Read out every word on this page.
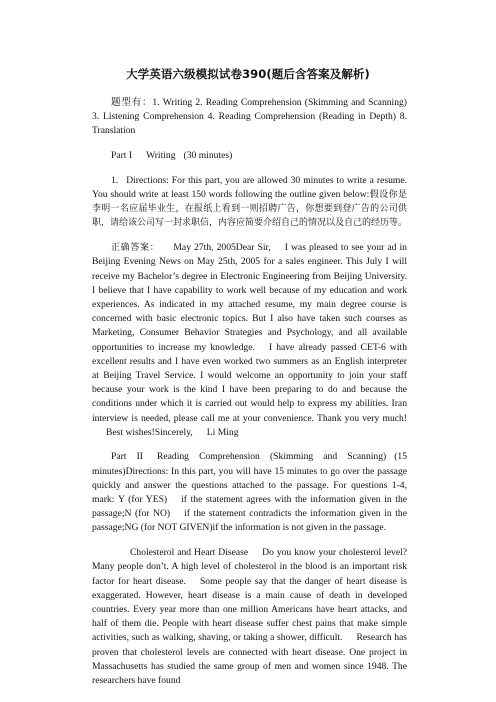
大学英语六级模拟试卷390(题后含答案及解析)

题型有：1. Writing 2. Reading Comprehension (Skimming and Scanning) 3. Listening Comprehension 4. Reading Comprehension (Reading in Depth) 8. Translation

Part I Writing (30 minutes)

1. Directions: For this part, you are allowed 30 minutes to write a resume. You should write at least 150 words following the outline given below:假设你是李明一名应届毕业生，在报纸上看到一则招聘广告，你想要到登广告的公司供职，请给该公司写一封求职信，内容应简要介绍自己的情况以及自己的经历等。

正确答案： May 27th, 2005Dear Sir, I was pleased to see your ad in Beijing Evening News on May 25th, 2005 for a sales engineer. This July I will receive my Bachelor’s degree in Electronic Engineering from Beijing University. I believe that I have capability to work well because of my education and work experiences. As indicated in my attached resume, my main degree course is concerned with basic electronic topics. But I also have taken such courses as Marketing, Consumer Behavior Strategies and Psychology, and all available opportunities to increase my knowledge. I have already passed CET-6 with excellent results and I have even worked two summers as an English interpreter at Beijing Travel Service. I would welcome an opportunity to join your staff because your work is the kind I have been preparing to do and because the conditions under which it is carried out would help to express my abilities. Iran interview is needed, please call me at your convenience. Thank you very much!Best wishes!Sincerely, Li Ming

Part II Reading Comprehension (Skimming and Scanning) (15 minutes)Directions: In this part, you will have 15 minutes to go over the passage quickly and answer the questions attached to the passage. For questions 1-4, mark: Y (for YES) if the statement agrees with the information given in the passage;N (for NO) if the statement contradicts the information given in the passage;NG (for NOT GIVEN)if the information is not given in the passage.

Cholesterol and Heart Disease Do you know your cholesterol level? Many people don’t. A high level of cholesterol in the blood is an important risk factor for heart disease. Some people say that the danger of heart disease is exaggerated. However, heart disease is a main cause of death in developed countries. Every year more than one million Americans have heart attacks, and half of them die. People with heart disease suffer chest pains that make simple activities, such as walking, shaving, or taking a shower, difficult. Research has proven that cholesterol levels are connected with heart disease. One project in Massachusetts has studied the same group of men and women since 1948. The researchers have found
